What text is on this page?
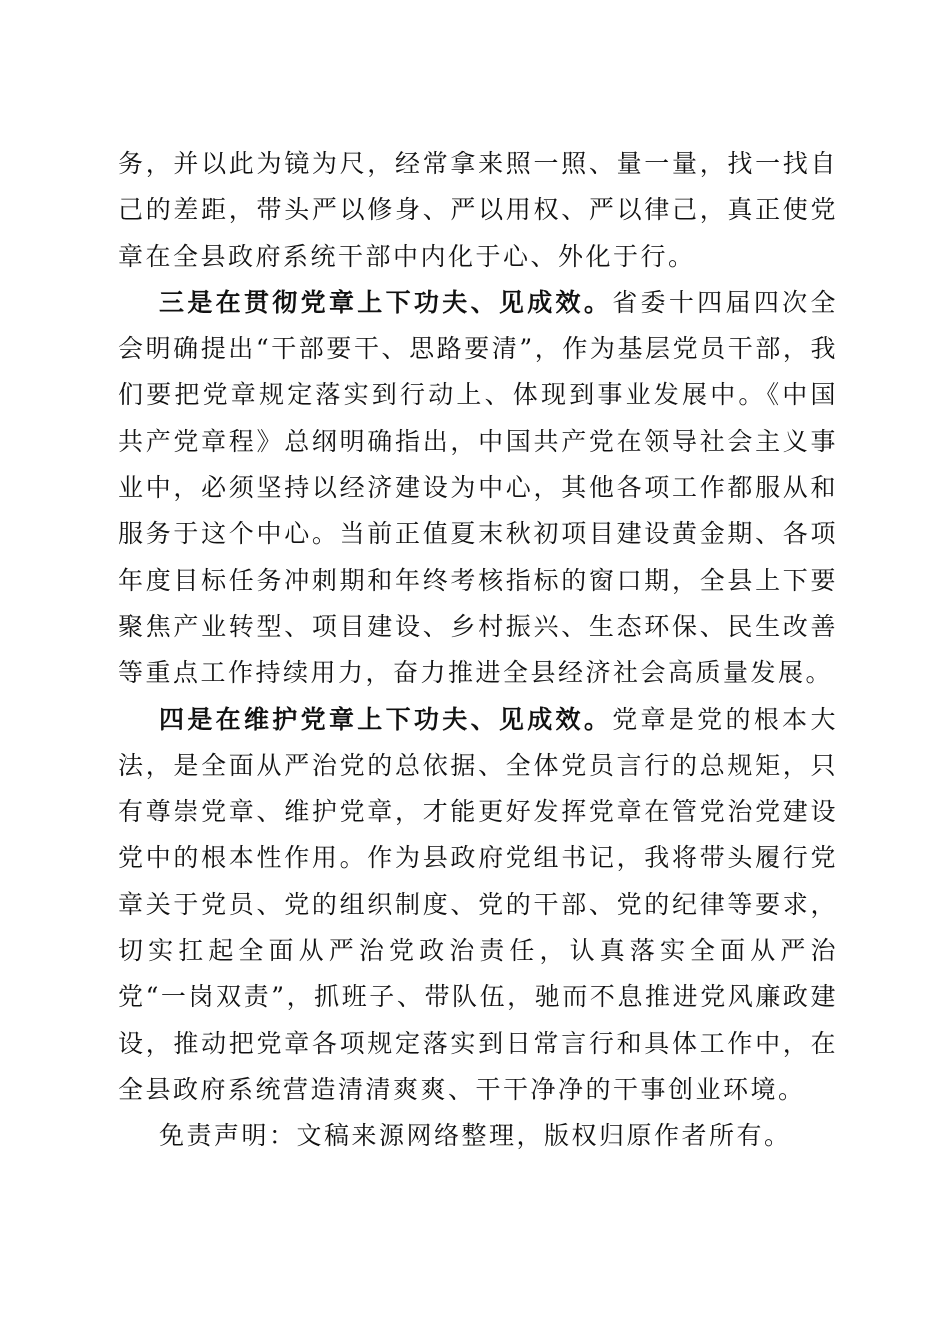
务，并以此为镜为尺，经常拿来照一照、量一量，找一找自己的差距，带头严以修身、严以用权、严以律己，真正使党章在全县政府系统干部中内化于心、外化于行。

三是在贯彻党章上下功夫、见成效。省委十四届四次全会明确提出“干部要干、思路要清”，作为基层党员干部，我们要把党章规定落实到行动上、体现到事业发展中。《中国共产党章程》总纲明确指出，中国共产党在领导社会主义事业中，必须坚持以经济建设为中心，其他各项工作都服从和服务于这个中心。当前正值夏末秋初项目建设黄金期、各项年度目标任务冲刺期和年终考核指标的窗口期，全县上下要聚焦产业转型、项目建设、乡村振兴、生态环保、民生改善等重点工作持续用力，奋力推进全县经济社会高质量发展。

四是在维护党章上下功夫、见成效。党章是党的根本大法，是全面从严治党的总依据、全体党员言行的总规矩，只有尊崇党章、维护党章，才能更好发挥党章在管党治党建设党中的根本性作用。作为县政府党组书记，我将带头履行党章关于党员、党的组织制度、党的干部、党的纪律等要求，切实扛起全面从严治党政治责任，认真落实全面从严治党“一岗双责”，抓班子、带队伍，驰而不息推进党风廉政建设，推动把党章各项规定落实到日常言行和具体工作中，在全县政府系统营造清清爽爽、干干净净的干事创业环境。

免责声明：文稿来源网络整理，版权归原作者所有。
